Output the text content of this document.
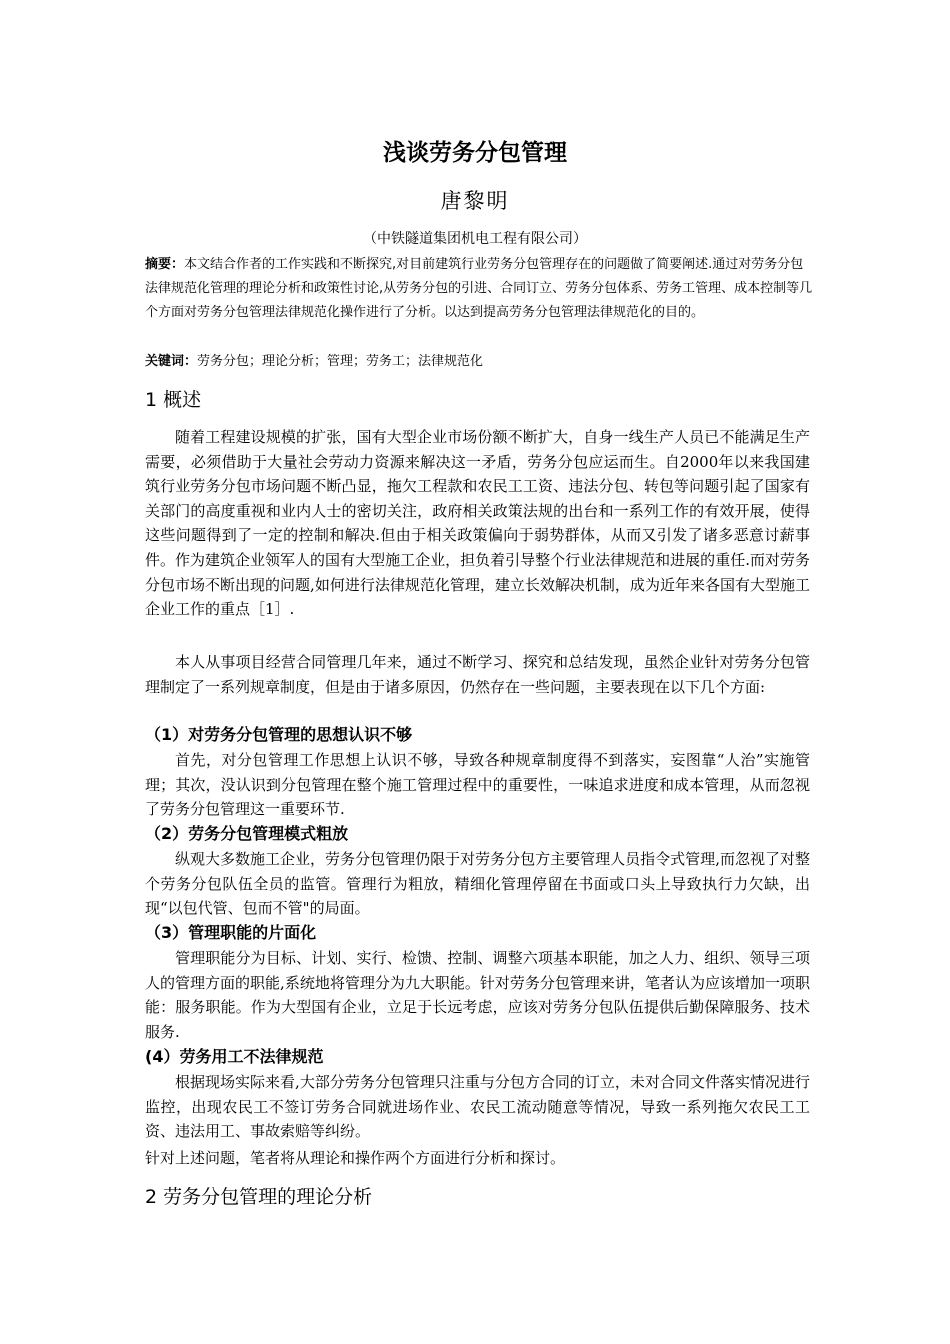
浅谈劳务分包管理
唐黎明
（中铁隧道集团机电工程有限公司）
摘要：本文结合作者的工作实践和不断探究,对目前建筑行业劳务分包管理存在的问题做了简要阐述.通过对劳务分包法律规范化管理的理论分析和政策性讨论,从劳务分包的引进、合同订立、劳务分包体系、劳务工管理、成本控制等几个方面对劳务分包管理法律规范化操作进行了分析。以达到提高劳务分包管理法律规范化的目的。
关键词：劳务分包；理论分析；管理；劳务工；法律规范化
1 概述
随着工程建设规模的扩张，国有大型企业市场份额不断扩大，自身一线生产人员已不能满足生产需要，必须借助于大量社会劳动力资源来解决这一矛盾，劳务分包应运而生。自2000年以来我国建筑行业劳务分包市场问题不断凸显，拖欠工程款和农民工工资、违法分包、转包等问题引起了国家有关部门的高度重视和业内人士的密切关注，政府相关政策法规的出台和一系列工作的有效开展，使得这些问题得到了一定的控制和解决.但由于相关政策偏向于弱势群体，从而又引发了诸多恶意讨薪事件。作为建筑企业领军人的国有大型施工企业，担负着引导整个行业法律规范和进展的重任.而对劳务分包市场不断出现的问题,如何进行法律规范化管理，建立长效解决机制，成为近年来各国有大型施工企业工作的重点［1］.
本人从事项目经营合同管理几年来，通过不断学习、探究和总结发现，虽然企业针对劳务分包管理制定了一系列规章制度，但是由于诸多原因，仍然存在一些问题，主要表现在以下几个方面:
（1）对劳务分包管理的思想认识不够
首先，对分包管理工作思想上认识不够，导致各种规章制度得不到落实，妄图靠“人治”实施管理；其次，没认识到分包管理在整个施工管理过程中的重要性，一味追求进度和成本管理，从而忽视了劳务分包管理这一重要环节.
（2）劳务分包管理模式粗放
纵观大多数施工企业，劳务分包管理仍限于对劳务分包方主要管理人员指令式管理,而忽视了对整个劳务分包队伍全员的监管。管理行为粗放，精细化管理停留在书面或口头上导致执行力欠缺，出现“以包代管、包而不管"的局面。
（3）管理职能的片面化
管理职能分为目标、计划、实行、检馈、控制、调整六项基本职能，加之人力、组织、领导三项人的管理方面的职能,系统地将管理分为九大职能。针对劳务分包管理来讲，笔者认为应该增加一项职能：服务职能。作为大型国有企业，立足于长远考虑，应该对劳务分包队伍提供后勤保障服务、技术服务.
(4）劳务用工不法律规范
根据现场实际来看,大部分劳务分包管理只注重与分包方合同的订立，未对合同文件落实情况进行监控，出现农民工不签订劳务合同就进场作业、农民工流动随意等情况，导致一系列拖欠农民工工资、违法用工、事故索赔等纠纷。
针对上述问题，笔者将从理论和操作两个方面进行分析和探讨。
2 劳务分包管理的理论分析
